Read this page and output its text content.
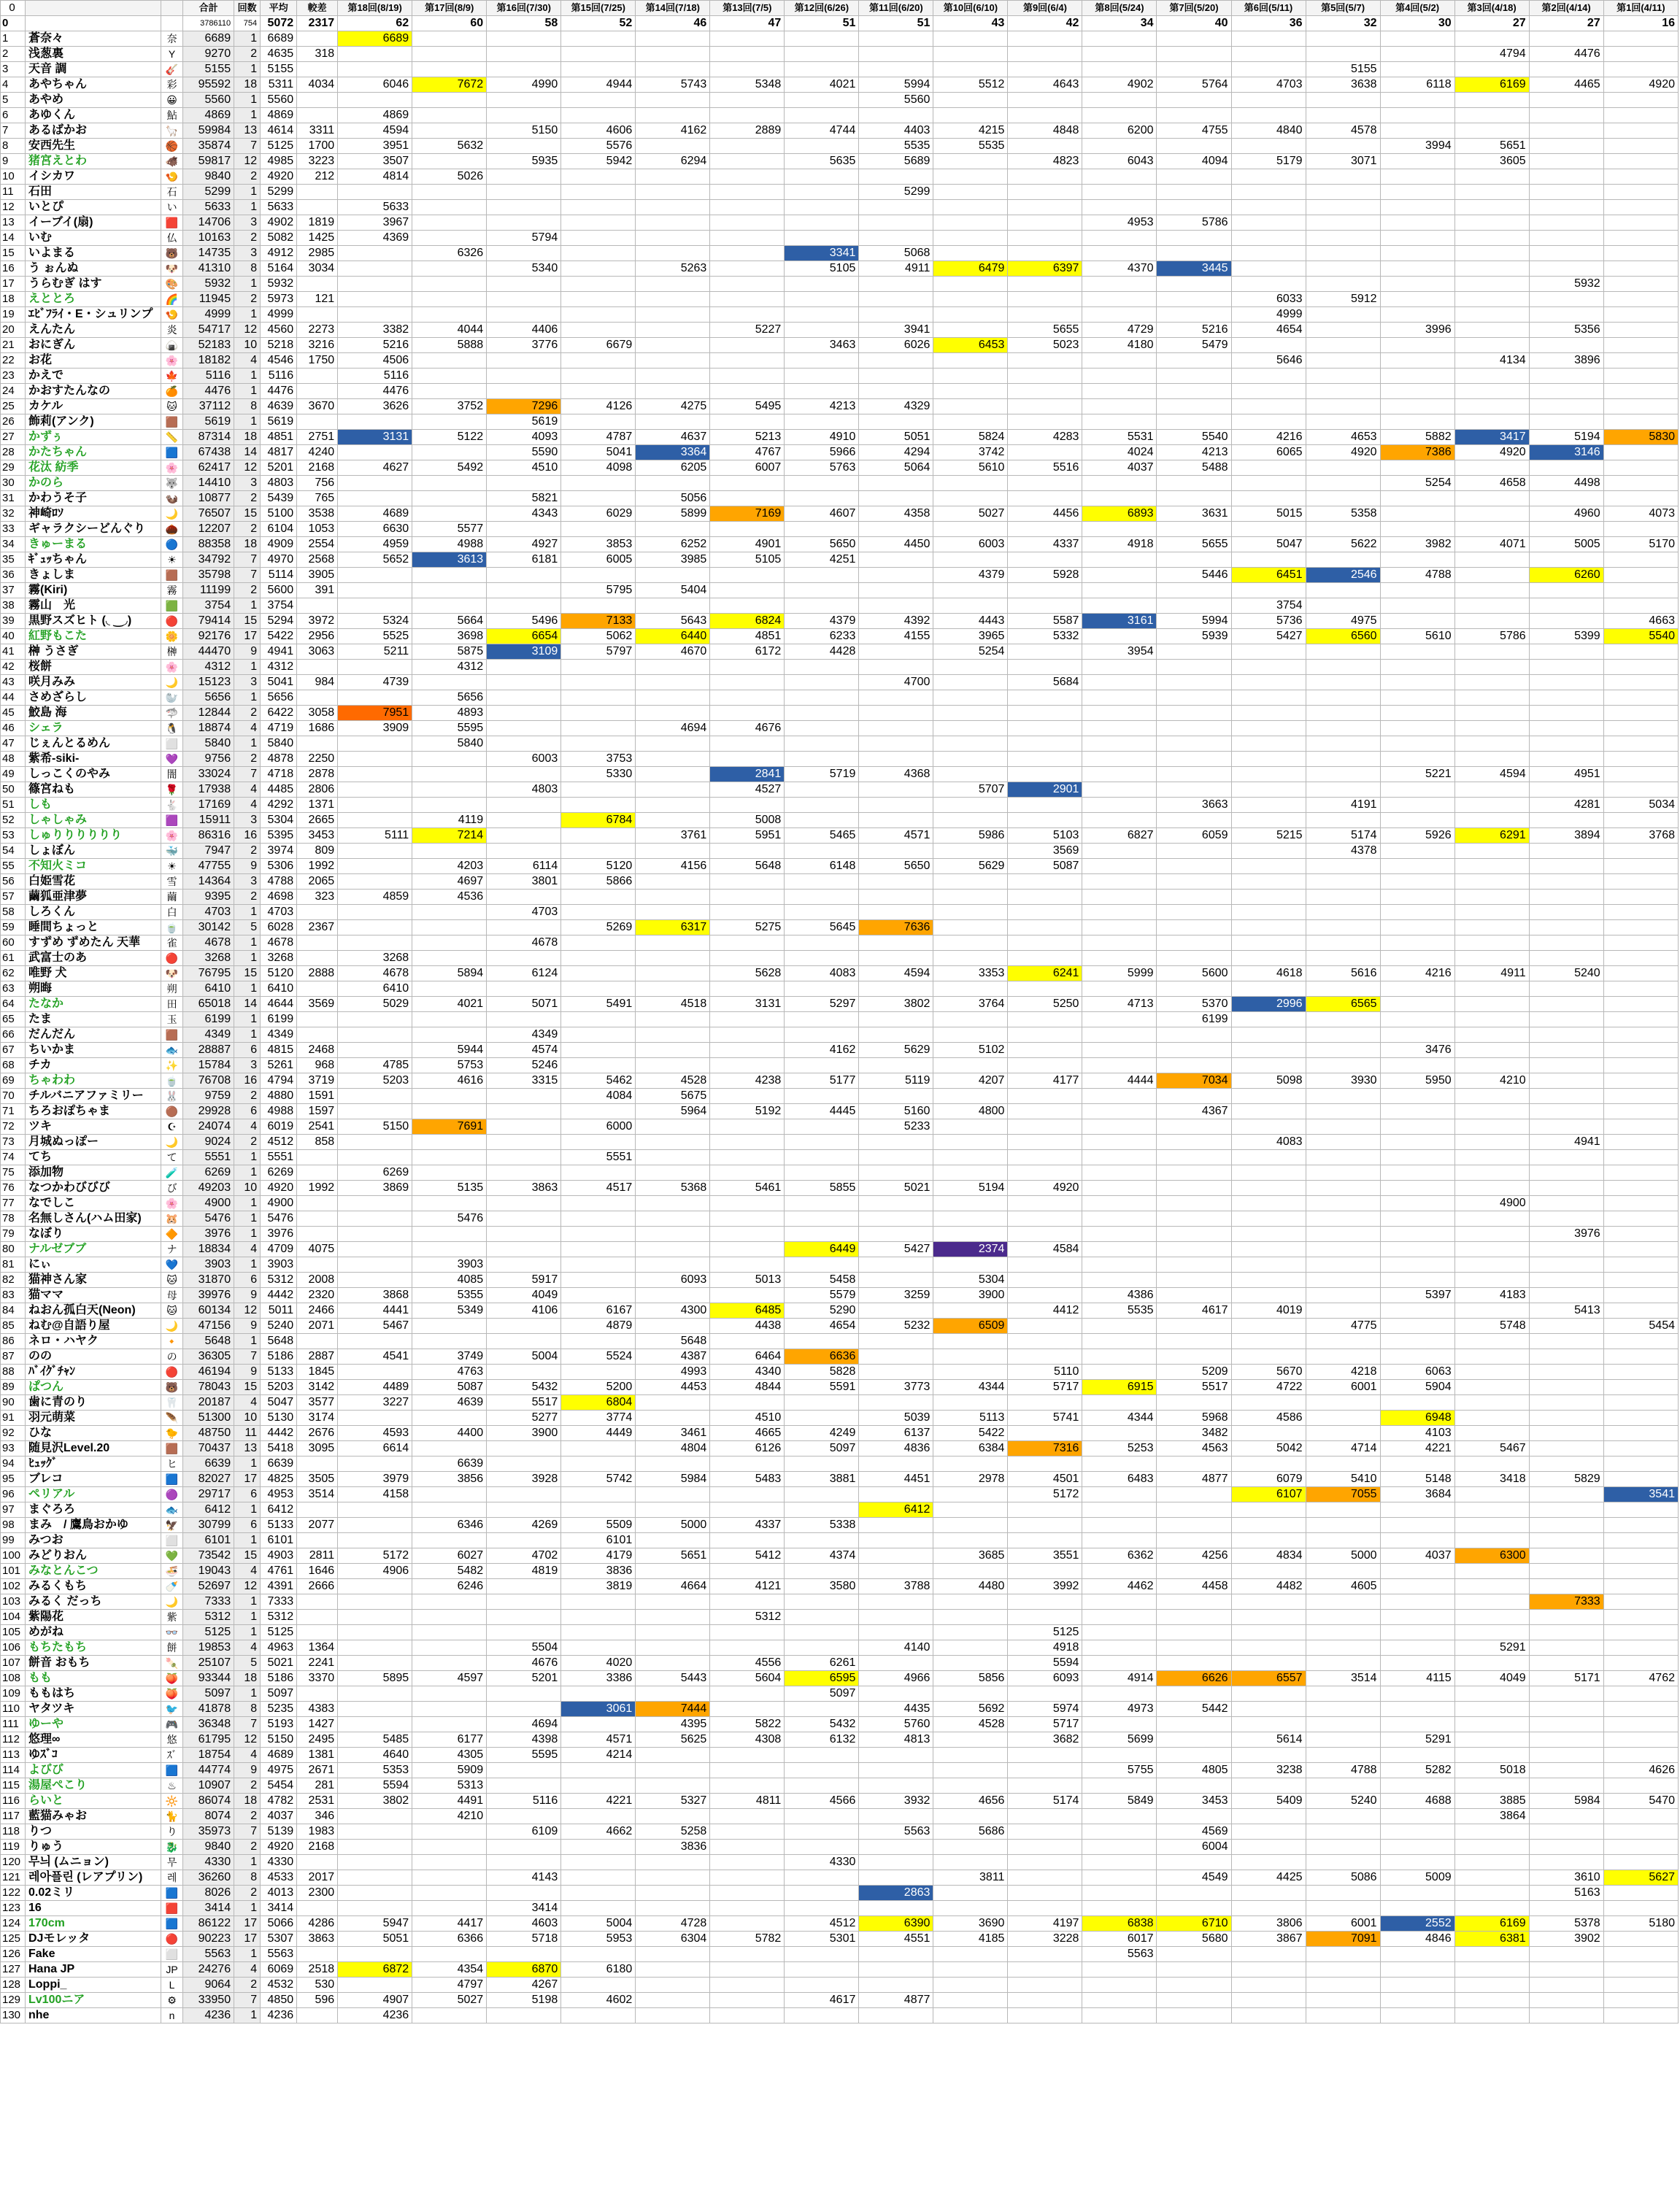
0			合計	回数	平均	較差	第18回(8/19)	第17回(8/9)	第16回(7/30)	第15回(7/25)	第14回(7/18)	第13回(7/5)	第12回(6/26)	第11回(6/20)	第10回(6/10)	第9回(6/4)	第8回(5/24)	第7回(5/20)	第6回(5/11)	第5回(5/7)	第4回(5/2)	第3回(4/18)	第2回(4/14)	第1回(4/11)
0			3786110	754	5072	2317	62	60	58	52	46	47	51	51	43	42	34	40	36	32	30	27	27	16
1	蒼奈々	奈	6689	1	6689		6689																	
2	浅葱裏	Y	9270	2	4635	318																4794	4476	
3	天音 調	🎸	5155	1	5155															5155				
4	あやちゃん	彩	95592	18	5311	4034	6046	7672	4990	4944	5743	5348	4021	5994	5512	4643	4902	5764	4703	3638	6118	6169	4465	4920
5	あやめ	😀	5560	1	5560									5560										
6	あゆくん	鮎	4869	1	4869		4869																	
7	あるばかお	🦙	59984	13	4614	3311	4594		5150	4606	4162	2889	4744	4403	4215	4848	6200	4755	4840	4578				
8	安西先生	🏀	35874	7	5125	1700	3951	5632		5576				5535	5535						3994	5651		
9	猪宮えとわ	🐗	59817	12	4985	3223	3507		5935	5942	6294		5635	5689		4823	6043	4094	5179	3071		3605		
10	イシカワ	🍤	9840	2	4920	212	4814	5026																
11	石田	石	5299	1	5299									5299										
12	いとぴ	い	5633	1	5633		5633																	
13	イーブイ(扇)	🟥	14706	3	4902	1819	3967										4953	5786						
14	いむ	仏	10163	2	5082	1425	4369		5794															
15	いよまる	🐻	14735	3	4912	2985		6326					3341	5068										
16	う ぉんぬ	🐶	41310	8	5164	3034			5340		5263		5105	4911	6479	6397	4370	3445						
17	うらむぎ はす	🎨	5932	1	5932																		5932	
18	えととろ	🌈	11945	2	5973	121													6033	5912				
19	ｴﾋﾞﾌﾗｲ・E・シュリンプ	🍤	4999	1	4999														4999					
20	えんたん	炎	54717	12	4560	2273	3382	4044	4406			5227		3941		5655	4729	5216	4654		3996		5356	
21	おにぎん	🍙	52183	10	5218	3216	5216	5888	3776	6679			3463	6026	6453	5023	4180	5479						
22	お花	🌸	18182	4	4546	1750	4506												5646			4134	3896	
23	かえで	🍁	5116	1	5116		5116																	
24	かおすたんなの	🍊	4476	1	4476		4476																	
25	カケル	🐱	37112	8	4639	3670	3626	3752	7296	4126	4275	5495	4213	4329										
26	飾莉(アンク)	🟫	5619	1	5619				5619															
27	かずぅ	📏	87314	18	4851	2751	3131	5122	4093	4787	4637	5213	4910	5051	5824	4283	5531	5540	4216	4653	5882	3417	5194	5830
28	かたちゃん	🟦	67438	14	4817	4240			5590	5041	3364	4767	5966	4294	3742		4024	4213	6065	4920	7386	4920	3146	
29	花汰 紡季	🌸	62417	12	5201	2168	4627	5492	4510	4098	6205	6007	5763	5064	5610	5516	4037	5488						
30	かのら	🐺	14410	3	4803	756															5254	4658	4498	
31	かわうそ子	🦦	10877	2	5439	765			5821		5056													
32	神崎ﾛｿ	🌙	76507	15	5100	3538	4689		4343	6029	5899	7169	4607	4358	5027	4456	6893	3631	5015	5358			4960	4073
33	ギャラクシーどんぐり	🌰	12207	2	6104	1053	6630	5577																
34	きゅーまる	🔵	88358	18	4909	2554	4959	4988	4927	3853	6252	4901	5650	4450	6003	4337	4918	5655	5047	5622	3982	4071	5005	5170
35	ｷﾞｭｯちゃん	☀	34792	7	4970	2568	5652	3613	6181	6005	3985	5105	4251											
36	きょしま	🟫	35798	7	5114	3905									4379	5928		5446	6451	2546	4788		6260	
37	霧(Kiri)	霧	11199	2	5600	391				5795	5404													
38	霧山　光	🟩	3754	1	3754														3754					
39	黒野スズヒト (◟ ‿◞)	🔴	79414	15	5294	3972	5324	5664	5496	7133	5643	6824	4379	4392	4443	5587	3161	5994	5736	4975				4663
40	紅野もこた	🌼	92176	17	5422	2956	5525	3698	6654	5062	6440	4851	6233	4155	3965	5332		5939	5427	6560	5610	5786	5399	5540
41	榊 うさぎ	榊	44470	9	4941	3063	5211	5875	3109	5797	4670	6172	4428		5254		3954							
42	桜餅	🌸	4312	1	4312			4312																
43	咲月みみ	🌙	15123	3	5041	984	4739							4700		5684								
44	さめざらし	🦭	5656	1	5656			5656																
45	鮫島 海	🦈	12844	2	6422	3058	7951	4893																
46	シェラ	🐧	18874	4	4719	1686	3909	5595			4694	4676												
47	じぇんとるめん	⬜	5840	1	5840			5840																
48	紫希-siki-	💜	9756	2	4878	2250			6003	3753														
49	しっこくのやみ	闇	33024	7	4718	2878				5330		2841	5719	4368							5221	4594	4951	
50	篠宮ねも	🌹	17938	4	4485	2806			4803			4527			5707	2901								
51	しも	🐇	17169	4	4292	1371												3663		4191			4281	5034
52	しゃしゃみ	🟪	15911	3	5304	2665		4119		6784		5008												
53	しゅりりりりりり	🌸	86316	16	5395	3453	5111	7214			3761	5951	5465	4571	5986	5103	6827	6059	5215	5174	5926	6291	3894	3768
54	しょぼん	🐳	7947	2	3974	809										3569				4378				
55	不知火ミコ	☀	47755	9	5306	1992		4203	6114	5120	4156	5648	6148	5650	5629	5087								
56	白姫雪花	雪	14364	3	4788	2065		4697	3801	5866														
57	繭狐亜津夢	繭	9395	2	4698	323	4859	4536																
58	しろくん	白	4703	1	4703				4703															
59	睡間ちょっと	🍵	30142	5	6028	2367				5269	6317	5275	5645	7636										
60	すずめ ずめたん 天華	雀	4678	1	4678				4678															
61	武富士のあ	🔴	3268	1	3268		3268																	
62	唯野 犬	🐶	76795	15	5120	2888	4678	5894	6124			5628	4083	4594	3353	6241	5999	5600	4618	5616	4216	4911	5240	
63	朔晦	朔	6410	1	6410		6410																	
64	たなか	田	65018	14	4644	3569	5029	4021	5071	5491	4518	3131	5297	3802	3764	5250	4713	5370	2996	6565				
65	たま	玉	6199	1	6199													6199						
66	だんだん	🟫	4349	1	4349				4349															
67	ちいかま	🐟	28887	6	4815	2468		5944	4574				4162	5629	5102						3476			
68	チカ	✨	15784	3	5261	968	4785	5753	5246															
69	ちゃわわ	🍵	76708	16	4794	3719	5203	4616	3315	5462	4528	4238	5177	5119	4207	4177	4444	7034	5098	3930	5950	4210		
70	チルバニアファミリー	🐰	9759	2	4880	1591				4084	5675													
71	ちろおぽちゃま	🟤	29928	6	4988	1597					5964	5192	4445	5160	4800			4367						
72	ツキ	☪	24074	4	6019	2541	5150	7691		6000				5233										
73	月城ぬっぽー	🌙	9024	2	4512	858													4083				4941	
74	てち	て	5551	1	5551					5551														
75	添加物	🧪	6269	1	6269		6269																	
76	なつかわびびび	び	49203	10	4920	1992	3869	5135	3863	4517	5368	5461	5855	5021	5194	4920								
77	なでしこ	🌸	4900	1	4900																	4900		
78	名無しさん(ハム田家)	🐹	5476	1	5476			5476																
79	なぼり	🔶	3976	1	3976																		3976	
80	ナルゼブブ	ナ	18834	4	4709	4075							6449	5427	2374	4584								
81	にぃ	💙	3903	1	3903			3903																
82	猫神さん家	🐱	31870	6	5312	2008		4085	5917		6093	5013	5458		5304									
83	猫ママ	母	39976	9	4442	2320	3868	5355	4049				5579	3259	3900		4386				5397	4183		
84	ねおん孤白天(Neon)	🐱	60134	12	5011	2466	4441	5349	4106	6167	4300	6485	5290			4412	5535	4617	4019				5413	
85	ねむ@自語り屋	🌙	47156	9	5240	2071	5467			4879		4438	4654	5232	6509					4775		5748		5454
86	ネロ・ハヤク	🔸	5648	1	5648						5648													
87	のの	の	36305	7	5186	2887	4541	3749	5004	5524	4387	6464	6636											
88	ﾊﾞｲｸﾞﾁｬﾝ	🔴	46194	9	5133	1845		4763			4993	4340	5828			5110		5209	5670	4218	6063			
89	ぱつん	🐻	78043	15	5203	3142	4489	5087	5432	5200	4453	4844	5591	3773	4344	5717	6915	5517	4722	6001	5904			
90	歯に青のり	🦷	20187	4	5047	3577	3227	4639	5517	6804														
91	羽元萌菜	🪶	51300	10	5130	3174			5277	3774		4510		5039	5113	5741	4344	5968	4586		6948			
92	ひな	🐤	48750	11	4442	2676	4593	4400	3900	4449	3461	4665	4249	6137	5422			3482			4103			
93	随見沢Level.20	🟫	70437	13	5418	3095	6614				4804	6126	5097	4836	6384	7316	5253	4563	5042	4714	4221	5467		
94	ﾋｭｯｸﾞ	ヒ	6639	1	6639			6639																
95	ブレコ	🟦	82027	17	4825	3505	3979	3856	3928	5742	5984	5483	3881	4451	2978	4501	6483	4877	6079	5410	5148	3418	5829	
96	ペリアル	🟣	29717	6	4953	3514	4158									5172			6107	7055	3684			3541
97	まぐろろ	🐟	6412	1	6412									6412										
98	まみ　/ 鷹鳥おかゆ	🦅	30799	6	5133	2077		6346	4269	5509	5000	4337	5338											
99	みつお	⬜	6101	1	6101					6101														
100	みどりおん	💚	73542	15	4903	2811	5172	6027	4702	4179	5651	5412	4374		3685	3551	6362	4256	4834	5000	4037	6300		
101	みなとんこつ	🍜	19043	4	4761	1646	4906	5482	4819	3836														
102	みるくもち	🍼	52697	12	4391	2666		6246		3819	4664	4121	3580	3788	4480	3992	4462	4458	4482	4605				
103	みるく だっち	🌙	7333	1	7333																		7333	
104	紫陽花	紫	5312	1	5312							5312												
105	めがね	👓	5125	1	5125											5125								
106	もちたもち	餅	19853	4	4963	1364			5504					4140		4918						5291		
107	餅音 おもち	🍡	25107	5	5021	2241			4676	4020		4556	6261			5594								
108	もも	🍑	93344	18	5186	3370	5895	4597	5201	3386	5443	5604	6595	4966	5856	6093	4914	6626	6557	3514	4115	4049	5171	4762
109	ももはち	🍑	5097	1	5097								5097											
110	ヤタツキ	🐦	41878	8	5235	4383				3061	7444			4435	5692	5974	4973	5442						
111	ゆーや	🎮	36348	7	5193	1427			4694		4395	5822	5432	5760	4528	5717								
112	悠理∞	悠	61795	12	5150	2495	5485	6177	4398	4571	5625	4308	6132	4813		3682	5699		5614		5291			
113	ゆｽﾞｺ	ｽﾞ	18754	4	4689	1381	4640	4305	5595	4214														
114	よびび	🟦	44774	9	4975	2671	5353	5909									5755	4805	3238	4788	5282	5018		4626
115	湯屋ぺこり	♨	10907	2	5454	281	5594	5313																
116	らいと	🔆	86074	18	4782	2531	3802	4491	5116	4221	5327	4811	4566	3932	4656	5174	5849	3453	5409	5240	4688	3885	5984	5470
117	藍猫みゃお	🐈	8074	2	4037	346		4210														3864		
118	りつ	り	35973	7	5139	1983			6109	4662	5258			5563	5686			4569						
119	りゅう	🐉	9840	2	4920	2168					3836							6004						
120	무늬 (ムニョン)	무	4330	1	4330								4330											
121	레아플린 (レアプリン)	레	36260	8	4533	2017			4143						3811			4549	4425	5086	5009		3610	5627
122	0.02ミリ	🟦	8026	2	4013	2300								2863									5163	
123	16	🟥	3414	1	3414				3414															
124	170cm	🟦	86122	17	5066	4286	5947	4417	4603	5004	4728		4512	6390	3690	4197	6838	6710	3806	6001	2552	6169	5378	5180
125	DJモレッタ	🔴	90223	17	5307	3863	5051	6366	5718	5953	6304	5782	5301	4551	4185	3228	6017	5680	3867	7091	4846	6381	3902	
126	Fake	⬜	5563	1	5563												5563							
127	Hana JP	JP	24276	4	6069	2518	6872	4354	6870	6180														
128	Loppi_	L	9064	2	4532	530		4797	4267															
129	Lv100ニア	⚙	33950	7	4850	596	4907	5027	5198	4602			4617	4877										
130	nhe	n	4236	1	4236		4236																	
